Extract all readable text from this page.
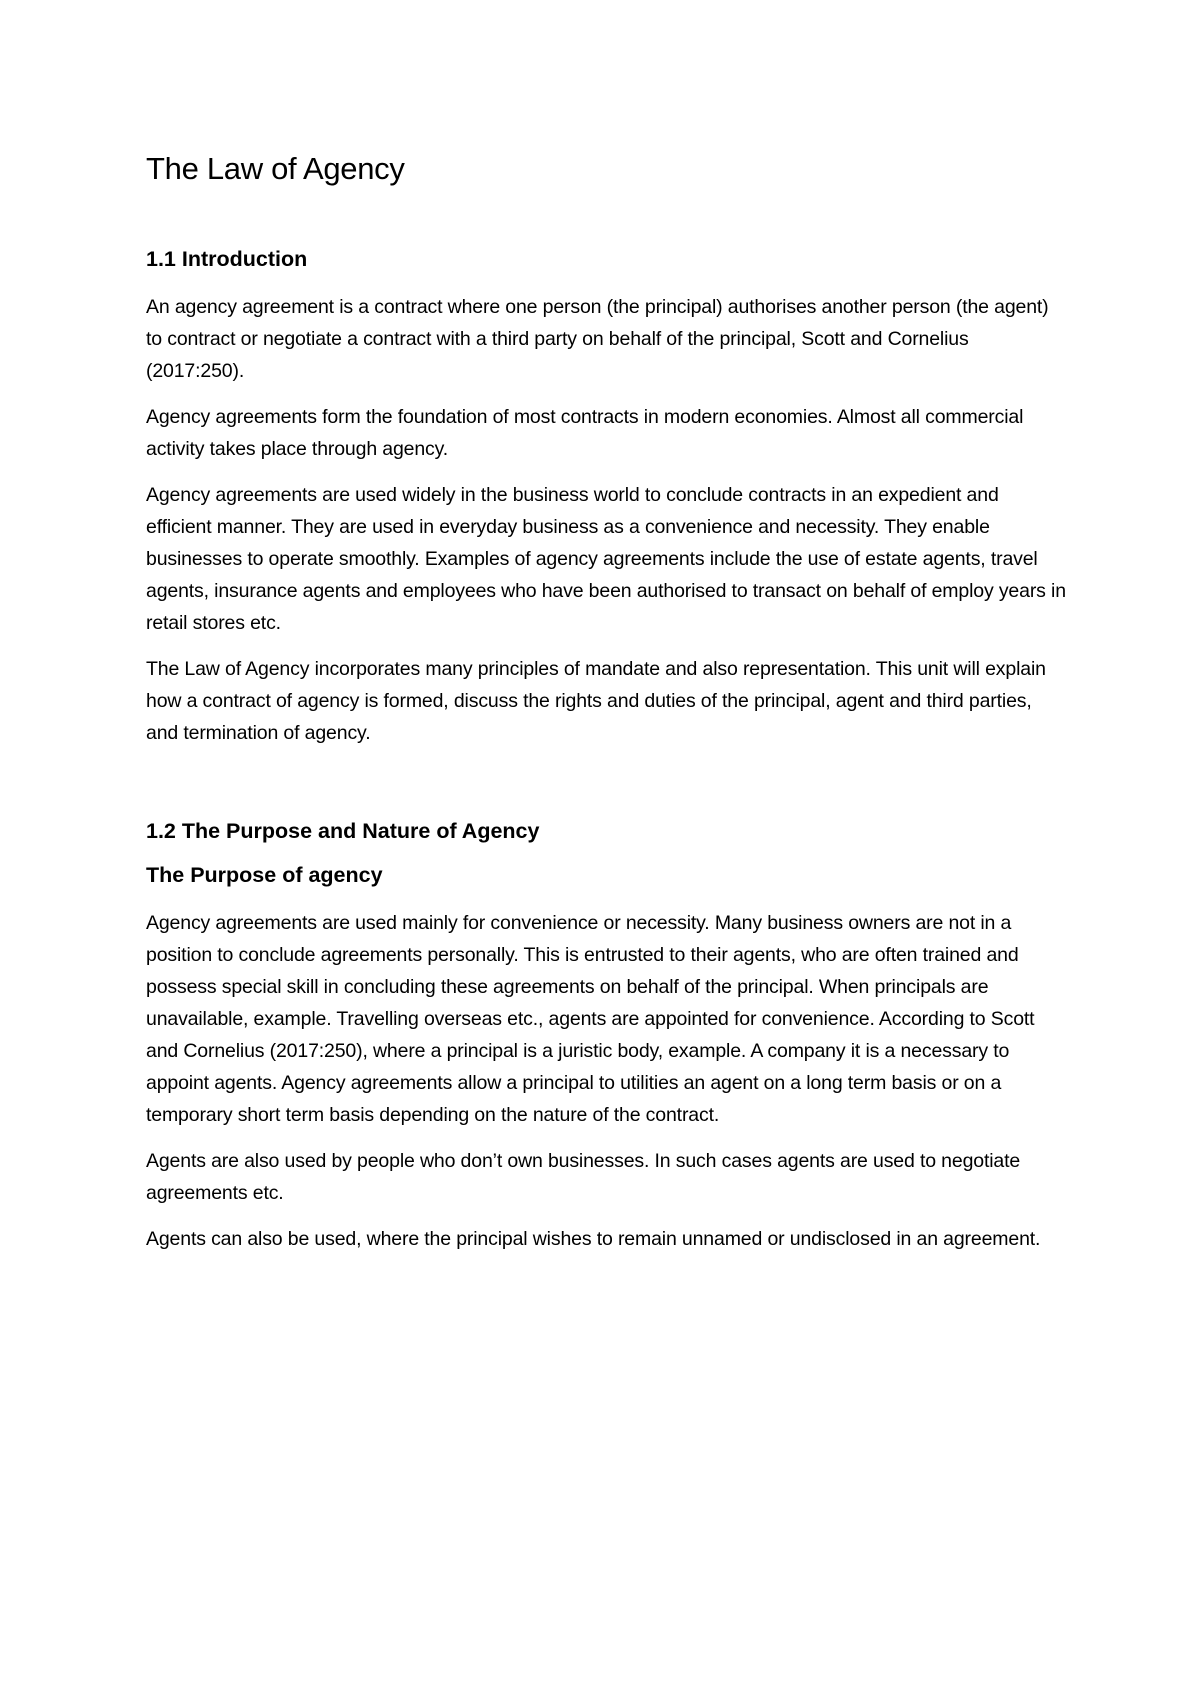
The Law of Agency
1.1 Introduction

An agency agreement is a contract where one person (the principal) authorises another person (the agent) to contract or negotiate a contract with a third party on behalf of the principal, Scott and Cornelius (2017:250).

Agency agreements form the foundation of most contracts in modern economies. Almost all commercial activity takes place through agency.

Agency agreements are used widely in the business world to conclude contracts in an expedient and efficient manner. They are used in everyday business as a convenience and necessity. They enable businesses to operate smoothly. Examples of agency agreements include the use of estate agents, travel agents, insurance agents and employees who have been authorised to transact on behalf of employ years in retail stores etc.

The Law of Agency incorporates many principles of mandate and also representation. This unit will explain how a contract of agency is formed, discuss the rights and duties of the principal, agent and third parties, and termination of agency.

1.2 The Purpose and Nature of Agency
The Purpose of agency

Agency agreements are used mainly for convenience or necessity. Many business owners are not in a position to conclude agreements personally. This is entrusted to their agents, who are often trained and possess special skill in concluding these agreements on behalf of the principal. When principals are unavailable, example. Travelling overseas etc., agents are appointed for convenience. According to Scott and Cornelius (2017:250), where a principal is a juristic body, example. A company it is a necessary to appoint agents. Agency agreements allow a principal to utilities an agent on a long term basis or on a temporary short term basis depending on the nature of the contract.

Agents are also used by people who don’t own businesses. In such cases agents are used to negotiate agreements etc.

Agents can also be used, where the principal wishes to remain unnamed or undisclosed in an agreement.
